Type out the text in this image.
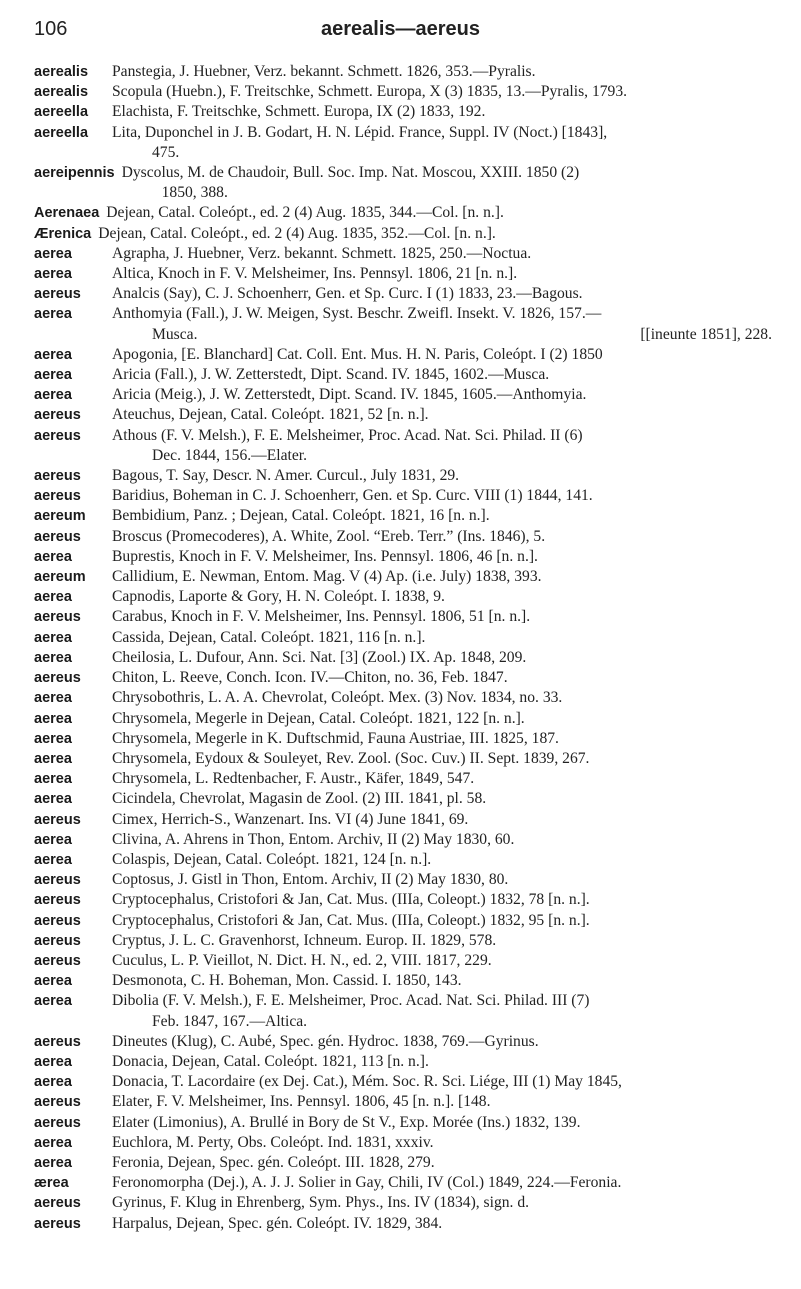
106	aerealis—aereus
aerealis	Panstegia, J. Huebner, Verz. bekannt. Schmett. 1826, 353.—Pyralis.
aerealis	Scopula (Huebn.), F. Treitschke, Schmett. Europa, X (3) 1835, 13.—Pyralis, 1793.
aereella	Elachista, F. Treitschke, Schmett. Europa, IX (2) 1833, 192.
aereella	Lita, Duponchel in J. B. Godart, H. N. Lépid. France, Suppl. IV (Noct.) [1843],
475.
aereipennis Dyscolus, M. de Chaudoir, Bull. Soc. Imp. Nat. Moscou, XXIII. 1850 (2)
1850, 388.
Aerenaea Dejean, Catal. Coleópt., ed. 2 (4) Aug. 1835, 344.—Col. [n. n.].
Ærenica Dejean, Catal. Coleópt., ed. 2 (4) Aug. 1835, 352.—Col. [n. n.].
aerea	Agrapha, J. Huebner, Verz. bekannt. Schmett. 1825, 250.—Noctua.
aerea	Altica, Knoch in F. V. Melsheimer, Ins. Pennsyl. 1806, 21 [n. n.].
aereus	Analcis (Say), C. J. Schoenherr, Gen. et Sp. Curc. I (1) 1833, 23.—Bagous.
aerea	Anthomyia (Fall.), J. W. Meigen, Syst. Beschr. Zweifl. Insekt. V. 1826, 157.—
Musca.	[[ineunte 1851], 228.
aerea	Apogonia, [E. Blanchard] Cat. Coll. Ent. Mus. H. N. Paris, Coleópt. I (2) 1850
aerea	Aricia (Fall.), J. W. Zetterstedt, Dipt. Scand. IV. 1845, 1602.—Musca.
aerea	Aricia (Meig.), J. W. Zetterstedt, Dipt. Scand. IV. 1845, 1605.—Anthomyia.
aereus	Ateuchus, Dejean, Catal. Coleópt. 1821, 52 [n. n.].
aereus	Athous (F. V. Melsh.), F. E. Melsheimer, Proc. Acad. Nat. Sci. Philad. II (6)
Dec. 1844, 156.—Elater.
aereus	Bagous, T. Say, Descr. N. Amer. Curcul., July 1831, 29.
aereus	Baridius, Boheman in C. J. Schoenherr, Gen. et Sp. Curc. VIII (1) 1844, 141.
aereum	Bembidium, Panz. ; Dejean, Catal. Coleópt. 1821, 16 [n. n.].
aereus	Broscus (Promecoderes), A. White, Zool. “Ereb. Terr.” (Ins. 1846), 5.
aerea	Buprestis, Knoch in F. V. Melsheimer, Ins. Pennsyl. 1806, 46 [n. n.].
aereum	Callidium, E. Newman, Entom. Mag. V (4) Ap. (i.e. July) 1838, 393.
aerea	Capnodis, Laporte & Gory, H. N. Coleópt. I. 1838, 9.
aereus	Carabus, Knoch in F. V. Melsheimer, Ins. Pennsyl. 1806, 51 [n. n.].
aerea	Cassida, Dejean, Catal. Coleópt. 1821, 116 [n. n.].
aerea	Cheilosia, L. Dufour, Ann. Sci. Nat. [3] (Zool.) IX. Ap. 1848, 209.
aereus	Chiton, L. Reeve, Conch. Icon. IV.—Chiton, no. 36, Feb. 1847.
aerea	Chrysobothris, L. A. A. Chevrolat, Coleópt. Mex. (3) Nov. 1834, no. 33.
aerea	Chrysomela, Megerle in Dejean, Catal. Coleópt. 1821, 122 [n. n.].
aerea	Chrysomela, Megerle in K. Duftschmid, Fauna Austriae, III. 1825, 187.
aerea	Chrysomela, Eydoux & Souleyet, Rev. Zool. (Soc. Cuv.) II. Sept. 1839, 267.
aerea	Chrysomela, L. Redtenbacher, F. Austr., Käfer, 1849, 547.
aerea	Cicindela, Chevrolat, Magasin de Zool. (2) III. 1841, pl. 58.
aereus	Cimex, Herrich-S., Wanzenart. Ins. VI (4) June 1841, 69.
aerea	Clivina, A. Ahrens in Thon, Entom. Archiv, II (2) May 1830, 60.
aerea	Colaspis, Dejean, Catal. Coleópt. 1821, 124 [n. n.].
aereus	Coptosus, J. Gistl in Thon, Entom. Archiv, II (2) May 1830, 80.
aereus	Cryptocephalus, Cristofori & Jan, Cat. Mus. (IIIa, Coleopt.) 1832, 78 [n. n.].
aereus	Cryptocephalus, Cristofori & Jan, Cat. Mus. (IIIa, Coleopt.) 1832, 95 [n. n.].
aereus	Cryptus, J. L. C. Gravenhorst, Ichneum. Europ. II. 1829, 578.
aereus	Cuculus, L. P. Vieillot, N. Dict. H. N., ed. 2, VIII. 1817, 229.
aerea	Desmonota, C. H. Boheman, Mon. Cassid. I. 1850, 143.
aerea	Dibolia (F. V. Melsh.), F. E. Melsheimer, Proc. Acad. Nat. Sci. Philad. III (7)
Feb. 1847, 167.—Altica.
aereus	Dineutes (Klug), C. Aubé, Spec. gén. Hydroc. 1838, 769.—Gyrinus.
aerea	Donacia, Dejean, Catal. Coleópt. 1821, 113 [n. n.].
aerea	Donacia, T. Lacordaire (ex Dej. Cat.), Mém. Soc. R. Sci. Liége, III (1) May 1845,
aereus	Elater, F. V. Melsheimer, Ins. Pennsyl. 1806, 45 [n. n.]. [148.
aereus	Elater (Limonius), A. Brullé in Bory de St V., Exp. Morée (Ins.) 1832, 139.
aerea	Euchlora, M. Perty, Obs. Coleópt. Ind. 1831, xxxiv.
aerea	Feronia, Dejean, Spec. gén. Coleópt. III. 1828, 279.
ærea	Feronomorpha (Dej.), A. J. J. Solier in Gay, Chili, IV (Col.) 1849, 224.—Feronia.
aereus	Gyrinus, F. Klug in Ehrenberg, Sym. Phys., Ins. IV (1834), sign. d.
aereus	Harpalus, Dejean, Spec. gén. Coleópt. IV. 1829, 384.
